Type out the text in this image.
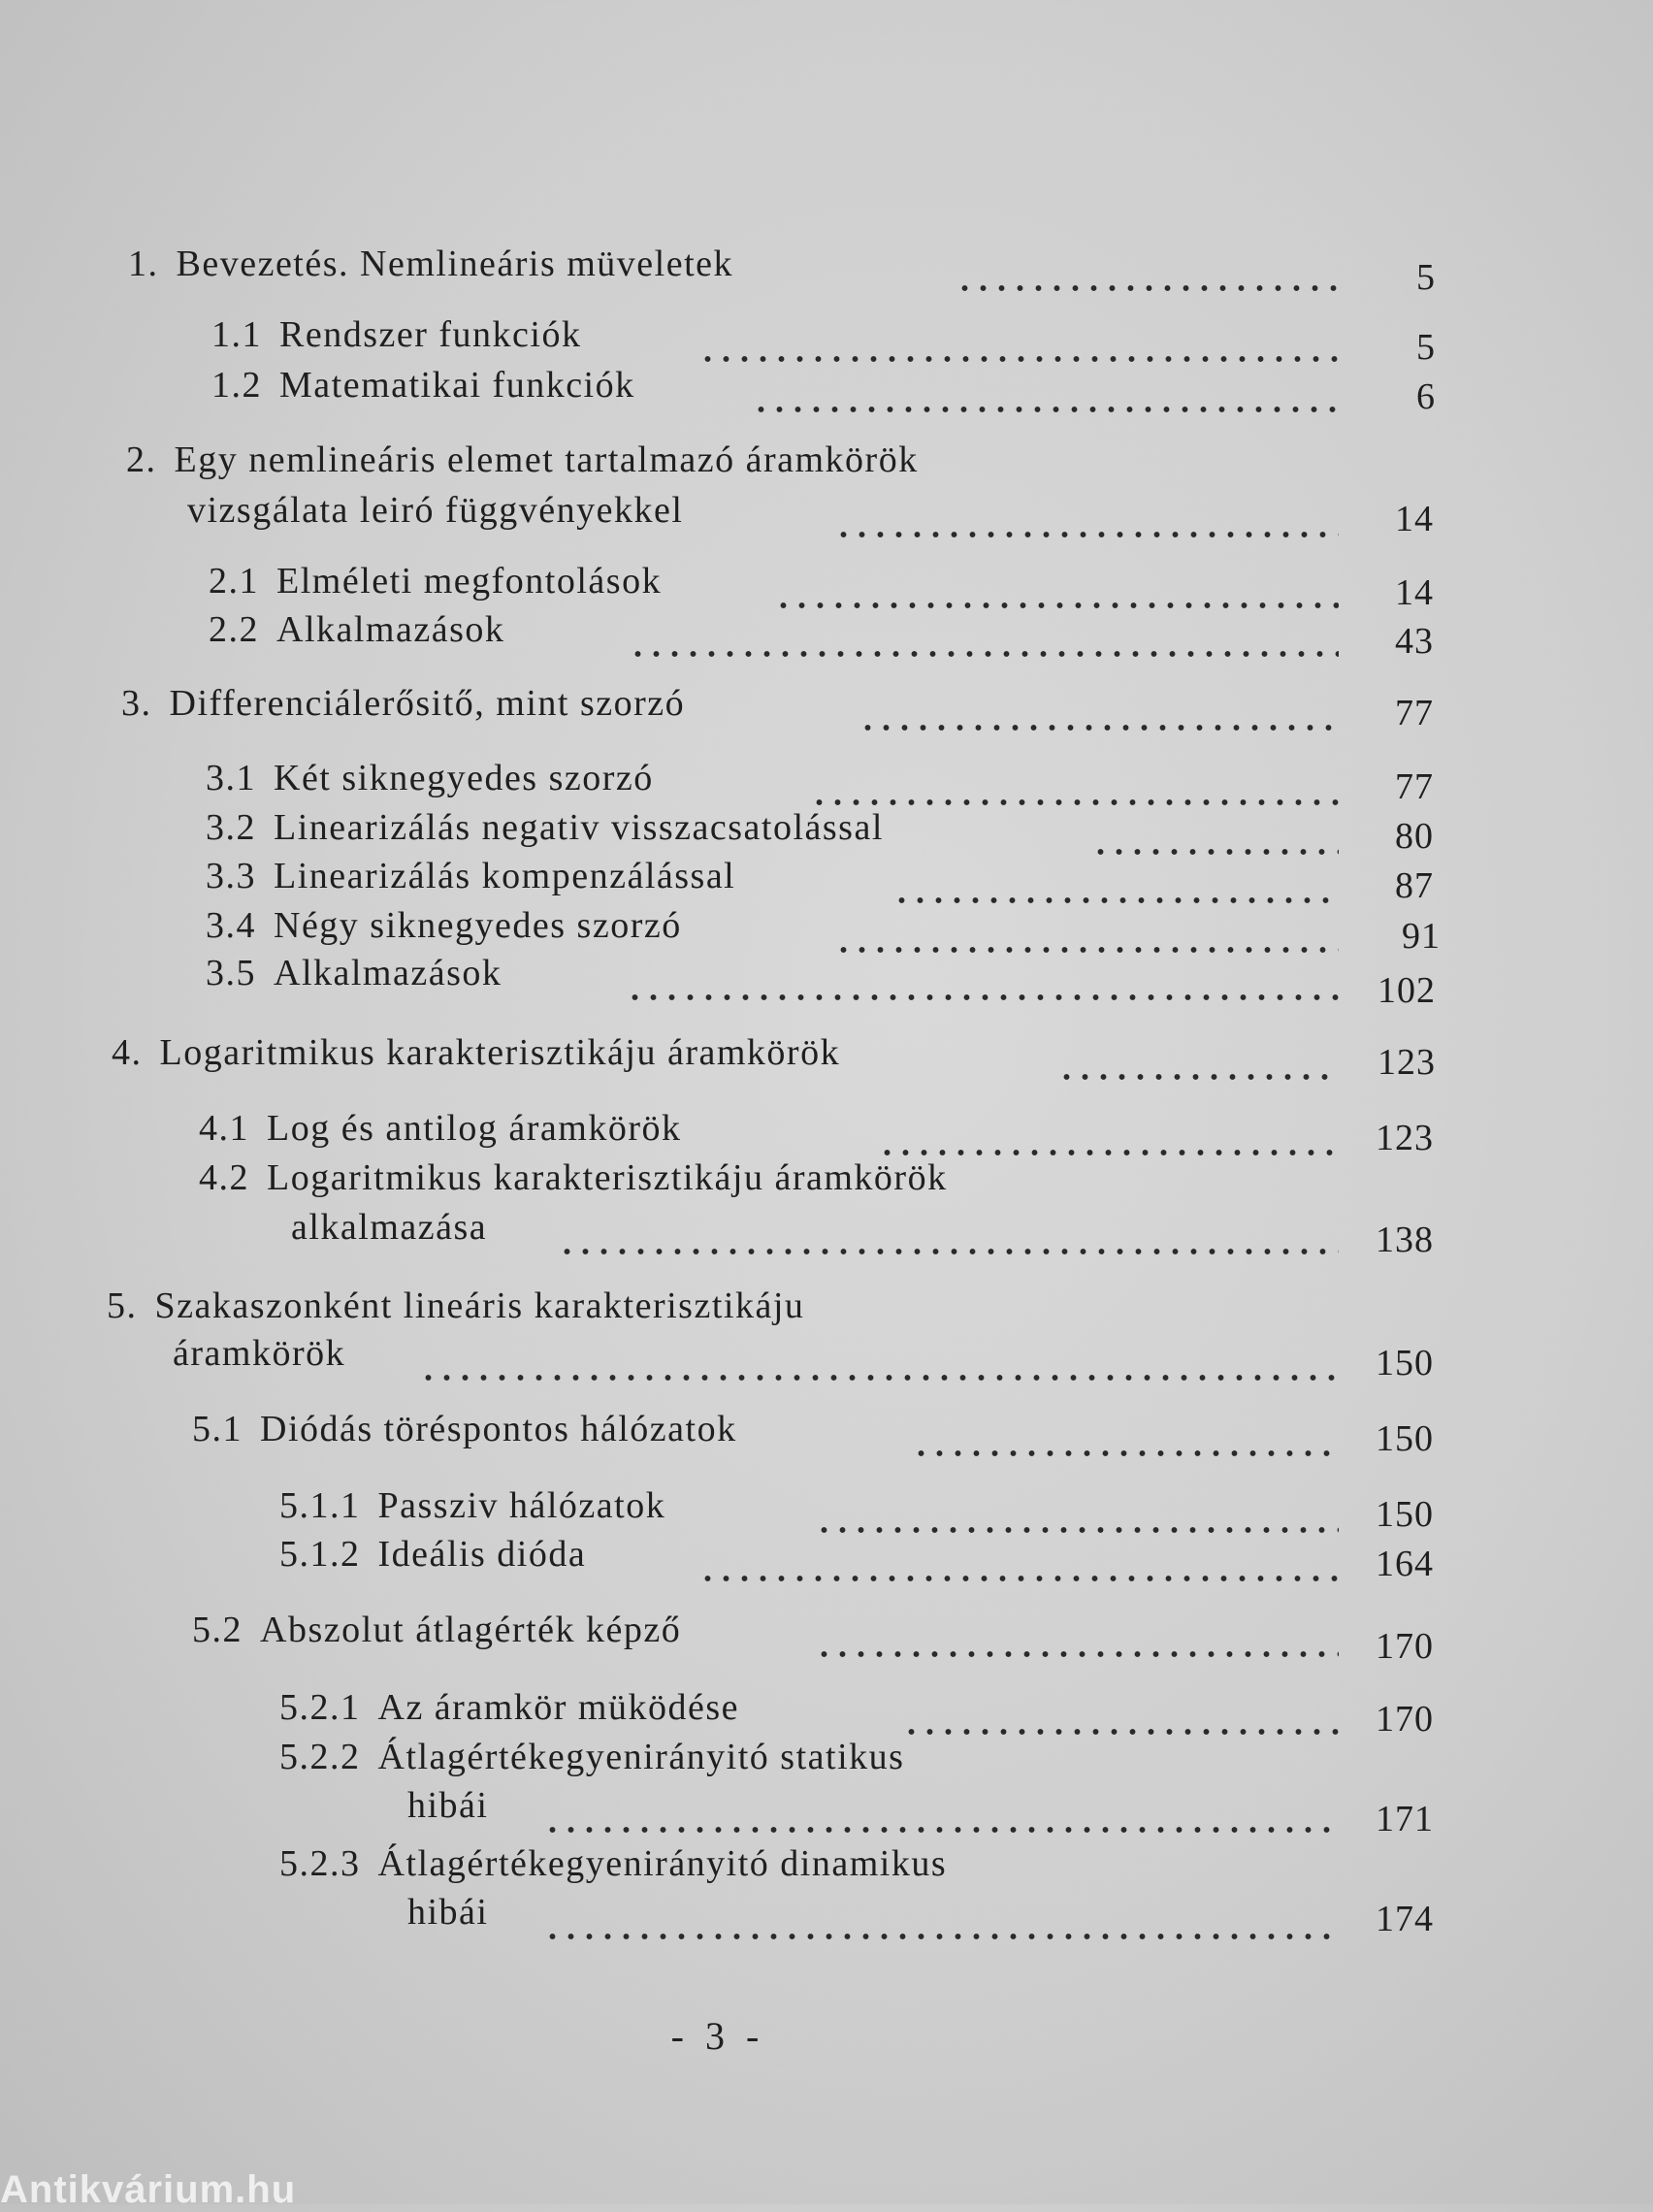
1. Bevezetés. Nemlineáris müveletek	5
1.1 Rendszer funkciók	5
1.2 Matematikai funkciók	6
2. Egy nemlineáris elemet tartalmazó áramkörök
vizsgálata leiró függvényekkel	14
2.1 Elméleti megfontolások	14
2.2 Alkalmazások	43
3. Differenciálerősitő, mint szorzó	77
3.1 Két siknegyedes szorzó	77
3.2 Linearizálás negativ visszacsatolással	80
3.3 Linearizálás kompenzálással	87
3.4 Négy siknegyedes szorzó	91
3.5 Alkalmazások	102
4. Logaritmikus karakterisztikáju áramkörök	123
4.1 Log és antilog áramkörök	123
4.2 Logaritmikus karakterisztikáju áramkörök
alkalmazása	138
5. Szakaszonként lineáris karakterisztikáju
áramkörök	150
5.1 Diódás töréspontos hálózatok	150
5.1.1 Passziv hálózatok	150
5.1.2 Ideális dióda	164
5.2 Abszolut átlagérték képző	170
5.2.1 Az áramkör müködése	170
5.2.2 Átlagértékegyenirányitó statikus
hibái	171
5.2.3 Átlagértékegyenirányitó dinamikus
hibái	174
- 3 -
Antikvárium.hu
